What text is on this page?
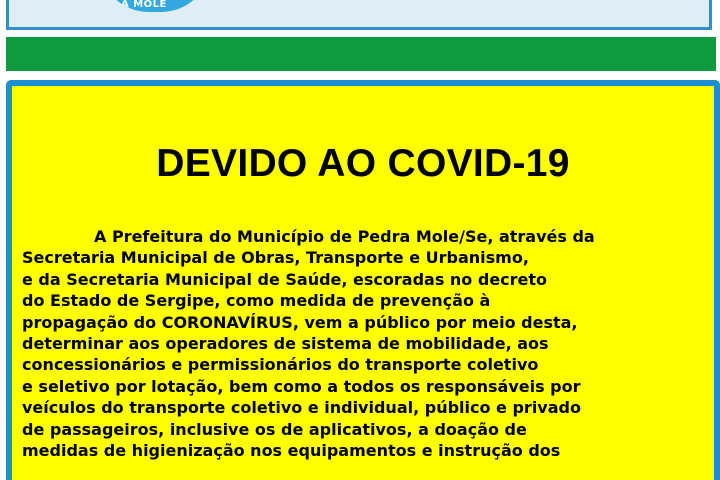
A MOLE
DEVIDO AO COVID-19
A Prefeitura do Município de Pedra Mole/Se, através da
Secretaria Municipal de Obras, Transporte e Urbanismo,
e da Secretaria Municipal de Saúde, escoradas no decreto
do Estado de Sergipe, como medida de prevenção à
propagação do CORONAVÍRUS, vem a público por meio desta,
determinar aos operadores de sistema de mobilidade, aos
concessionários e permissionários do transporte coletivo
e seletivo por lotação, bem como a todos os responsáveis por
veículos do transporte coletivo e individual, público e privado
de passageiros, inclusive os de aplicativos, a doação de
medidas de higienização nos equipamentos e instrução dos
